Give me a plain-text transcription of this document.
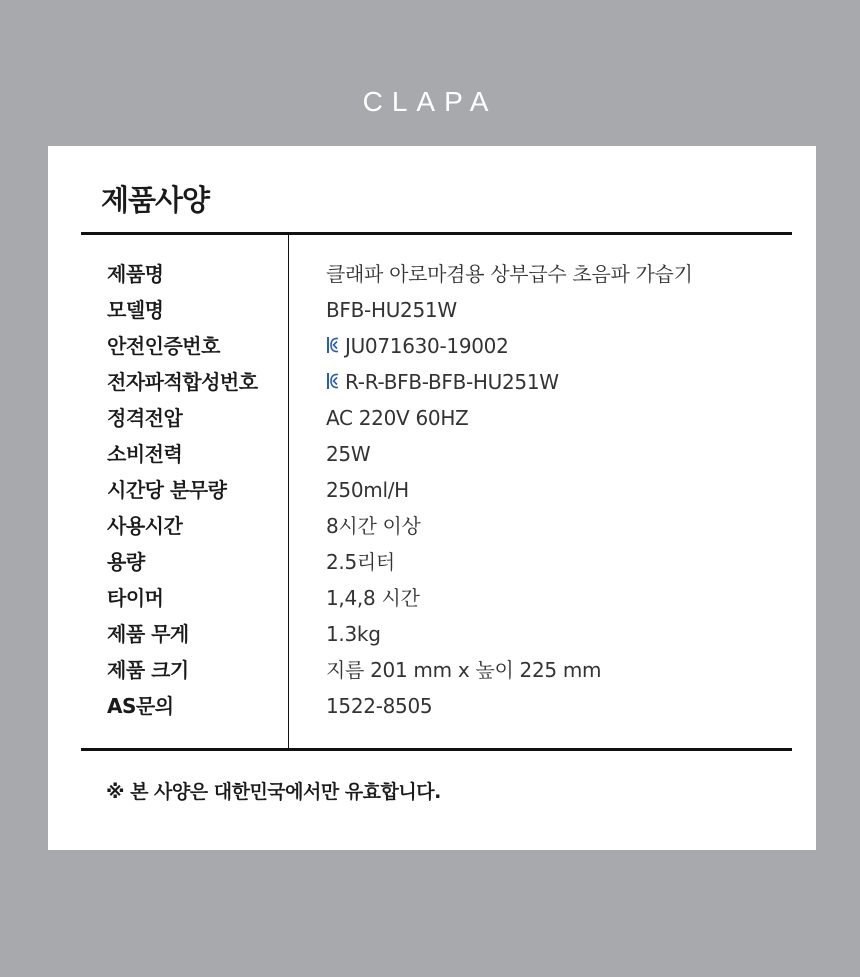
CLAPA
제품사양
제품명	클래파 아로마겸용 상부급수 초음파 가습기
모델명	BFB-HU251W
안전인증번호	JU071630-19002
전자파적합성번호	R-R-BFB-BFB-HU251W
정격전압	AC 220V 60HZ
소비전력	25W
시간당 분무량	250ml/H
사용시간	8시간 이상
용량	2.5리터
타이머	1,4,8 시간
제품 무게	1.3kg
제품 크기	지름 201 mm x 높이 225 mm
AS문의	1522-8505
※ 본 사양은 대한민국에서만 유효합니다.
